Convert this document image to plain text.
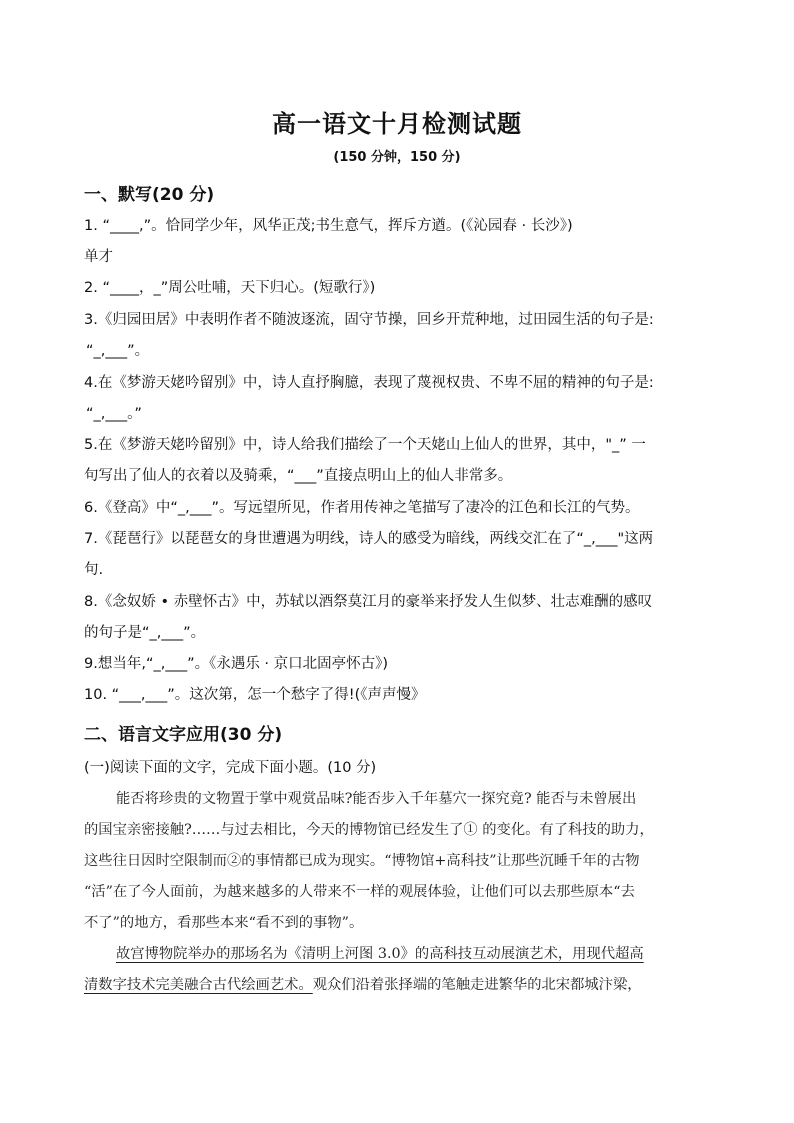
高一语文十月检测试题
(150 分钟，150 分)
一、默写(20 分)
1. “____,”。恰同学少年，风华正茂;书生意气，挥斥方遒。(《沁园春 · 长沙》)
单才
2. “____，_”周公吐哺，天下归心。(短歌行》)
3.《归园田居》中表明作者不随波逐流，固守节操，回乡开荒种地，过田园生活的句子是:
“_,___”。
4.在《梦游天姥吟留别》中，诗人直抒胸臆，表现了蔑视权贵、不卑不屈的精神的句子是:
“_,___。”
5.在《梦游天姥吟留别》中，诗人给我们描绘了一个天姥山上仙人的世界，其中，"_” 一
句写出了仙人的衣着以及骑乘，“___”直接点明山上的仙人非常多。
6.《登高》中“_,___”。写远望所见，作者用传神之笔描写了凄冷的江色和长江的气势。
7.《琵琶行》以琵琶女的身世遭遇为明线，诗人的感受为暗线，两线交汇在了“_,___"这两
句.
8.《念奴娇 • 赤壁怀古》中，苏轼以酒祭莫江月的豪举来抒发人生似梦、壮志难酬的感叹
的句子是“_,___”。
9.想当年,“_,___”。《永遇乐 · 京口北固亭怀古》)
10. “___,___”。这次第，怎一个愁字了得!(《声声慢》
二、语言文字应用(30 分)
(一)阅读下面的文字，完成下面小题。(10 分)
能否将珍贵的文物置于掌中观赏品味?能否步入千年墓穴一探究竟? 能否与未曾展出
的国宝亲密接触?……与过去相比，今天的博物馆已经发生了① 的变化。有了科技的助力，
这些往日因时空限制而②的事情都已成为现实。“博物馆+高科技”让那些沉睡千年的古物
“活”在了今人面前，为越来越多的人带来不一样的观展体验，让他们可以去那些原本“去
不了”的地方，看那些本来“看不到的事物”。
故宫博物院举办的那场名为《清明上河图 3.0》的高科技互动展演艺术，用现代超高
清数字技术完美融合古代绘画艺术。观众们沿着张择端的笔触走进繁华的北宋都城汴梁，
